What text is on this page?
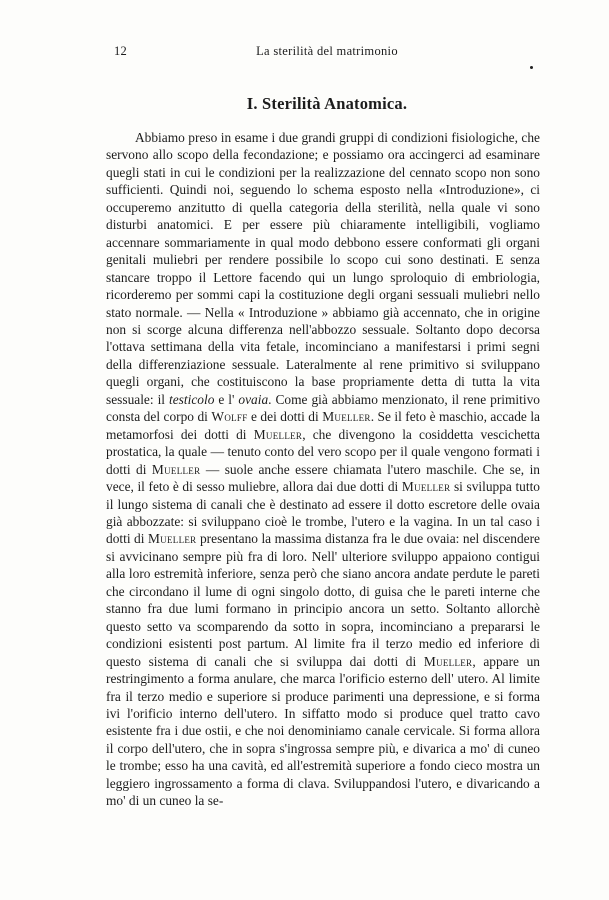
12	La sterilità del matrimonio
I. Sterilità Anatomica.

Abbiamo preso in esame i due grandi gruppi di condizioni fisiologiche, che servono allo scopo della fecondazione; e possiamo ora accingerci ad esaminare quegli stati in cui le condizioni per la realizzazione del cennato scopo non sono sufficienti. Quindi noi, seguendo lo schema esposto nella «Introduzione», ci occuperemo anzitutto di quella categoria della sterilità, nella quale vi sono disturbi anatomici. E per essere più chiaramente intelligibili, vogliamo accennare sommariamente in qual modo debbono essere conformati gli organi genitali muliebri per rendere possibile lo scopo cui sono destinati. E senza stancare troppo il Lettore facendo qui un lungo sproloquio di embriologia, ricorderemo per sommi capi la costituzione degli organi sessuali muliebri nello stato normale. — Nella « Introduzione » abbiamo già accennato, che in origine non si scorge alcuna differenza nell'abbozzo sessuale. Soltanto dopo decorsa l'ottava settimana della vita fetale, incominciano a manifestarsi i primi segni della differenziazione sessuale. Lateralmente al rene primitivo si sviluppano quegli organi, che costituiscono la base propriamente detta di tutta la vita sessuale: il testicolo e l' ovaia. Come già abbiamo menzionato, il rene primitivo consta del corpo di Wolff e dei dotti di Mueller. Se il feto è maschio, accade la metamorfosi dei dotti di Mueller, che divengono la cosiddetta vescichetta prostatica, la quale — tenuto conto del vero scopo per il quale vengono formati i dotti di Mueller — suole anche essere chiamata l'utero maschile. Che se, in vece, il feto è di sesso muliebre, allora dai due dotti di Mueller si sviluppa tutto il lungo sistema di canali che è destinato ad essere il dotto escretore delle ovaia già abbozzate: si sviluppano cioè le trombe, l'utero e la vagina. In un tal caso i dotti di Mueller presentano la massima distanza fra le due ovaia: nel discendere si avvicinano sempre più fra di loro. Nell' ulteriore sviluppo appaiono contigui alla loro estremità inferiore, senza però che siano ancora andate perdute le pareti che circondano il lume di ogni singolo dotto, di guisa che le pareti interne che stanno fra due lumi formano in principio ancora un setto. Soltanto allorchè questo setto va scomparendo da sotto in sopra, incominciano a prepararsi le condizioni esistenti post partum. Al limite fra il terzo medio ed inferiore di questo sistema di canali che si sviluppa dai dotti di Mueller, appare un restringimento a forma anulare, che marca l'orificio esterno dell' utero. Al limite fra il terzo medio e superiore si produce parimenti una depressione, e si forma ivi l'orificio interno dell'utero. In siffatto modo si produce quel tratto cavo esistente fra i due ostii, e che noi denominiamo canale cervicale. Si forma allora il corpo dell'utero, che in sopra s'ingrossa sempre più, e divarica a mo' di cuneo le trombe; esso ha una cavità, ed all'estremità superiore a fondo cieco mostra un leggiero ingrossamento a forma di clava. Sviluppandosi l'utero, e divaricando a mo' di un cuneo la se-
